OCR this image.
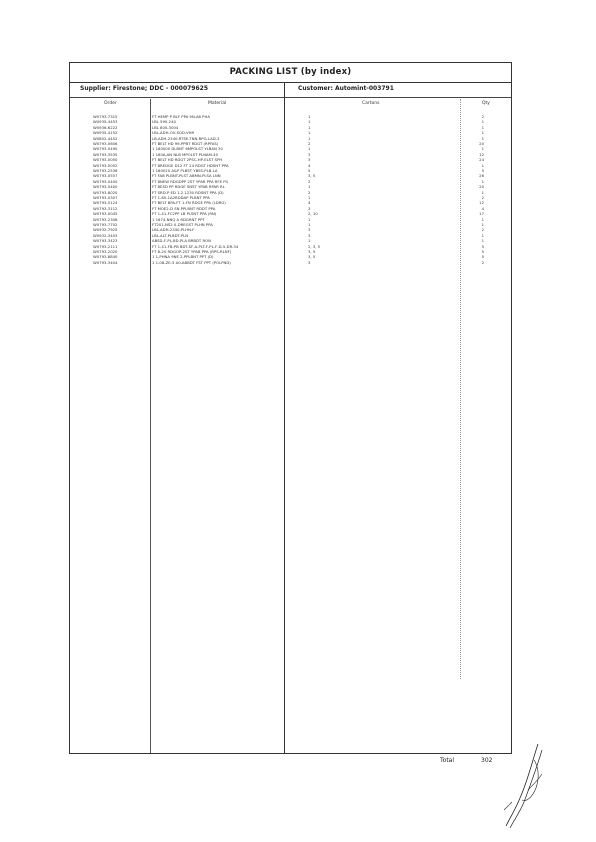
PACKING LIST (by index)
Supplier: Firestone; DDC - 000079625	Customer: Automint-003791
Order	Material	Cartons	Qty
W0793-7315	FT HEMP P BLF PPA 9N-A6 PHA	1	2
W0935-4453	LBL 590-240	1	1
W0936-6222	LBL 800-3004	1	1
W0935-4152	LBL-ADH-OV-SOD-VHR	1	1
W0802-4452	LB-ADH-2340-RTSE-TNN-RPG-LAD-3	1	1
W0793-0606	FT BELT HD 99-PPBT RDGT (RPFAS)	2	20
W0793-0490	1 180000 DLBNT 6MPOLST YLBAN 30	1	1
W0793-3535	1 180A-AN NLB MPOLST PLNAM-40	3	12
W0793-0050	FT BELT HD RDGT 2PSC-HP-ELST SPH	3	24
W0793-5052	FT 8REDGE D12 FT 24 RDGT HDSNT PPA	4	1
W0793-2536	1 180020 A&P PLBST YBSS-PLB-LA	5	5
W0793-0557	FT FAB PLBNT-PLST ABMN-PLSA LNN	3, 5	26
W0793-0400	FT 8NEW RDGDPP 2ST YPAR PPA RFE P4	2	1
W0793-5400	FT 8ESD PP RDGE SNST YPAB RPAR RL	1	20
W0793-8020	FT SRD-P ED 1-2 1230 RDSNT PPA (D)	2	1
W0793-0307	FT 1-60-1A2RDDAP PLBNT PPA	1	2
W0793-5124	FT BELT BPA-FT 1-FN RDGE PPA (LDRG)	4	12
W0793-3112	FT MOE2-D SN PPLBNT RDDT PPA	3	4
W0793-0045	FT 1-41-FC2PP LB PLSNT PPA (RN)	2, 10	17
W0793-2308	1 1674-NNQ A RDGRNT PPT	1	1
W0793-7702	FT201-NS2 0-DREGST PLHN PPA	1	1
W0932-7925	LBL-ADH-2340-PLHN-F	3	2
W0932-3403	LBL-ALT-PLBDT-PLN	3	1
W0793-3423	ABSD-F-PL-BD-PLA BRBDT RON	1	1
W0793-2111	FT 1-41-FB-PB BDT-SF-A-PLT-F-PL-F-D-5-DR-34	2, 3, 5	5
W0793-2020	FT 8-20 RDGOP-2ST YPAB PPA (RPS-RLNF)	3, 5	5
W0793-8840	1 1-PHNA 9NE 2-PPLBNT PPT (D)	3, 5	5
W0793-3404	1 1-08-ZE-5 A0-ABBDT FST PPT (POLPND)	3	2
Total	302
